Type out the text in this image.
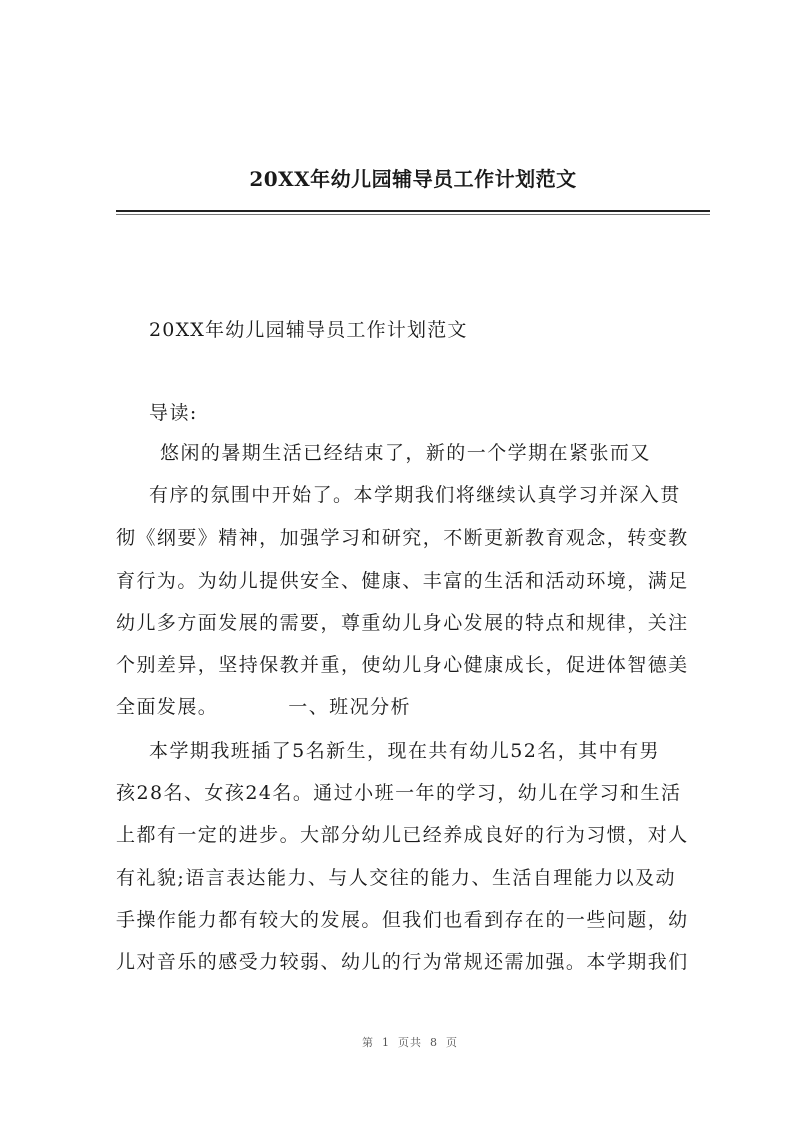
20XX年幼儿园辅导员工作计划范文
20XX年幼儿园辅导员工作计划范文
导读:
悠闲的暑期生活已经结束了，新的一个学期在紧张而又
有序的氛围中开始了。本学期我们将继续认真学习并深入贯
彻《纲要》精神，加强学习和研究，不断更新教育观念，转变教
育行为。为幼儿提供安全、健康、丰富的生活和活动环境，满足
幼儿多方面发展的需要，尊重幼儿身心发展的特点和规律，关注
个别差异，坚持保教并重，使幼儿身心健康成长，促进体智德美
全面发展。	一、班况分析
本学期我班插了5名新生，现在共有幼儿52名，其中有男
孩28名、女孩24名。通过小班一年的学习，幼儿在学习和生活
上都有一定的进步。大部分幼儿已经养成良好的行为习惯，对人
有礼貌;语言表达能力、与人交往的能力、生活自理能力以及动
手操作能力都有较大的发展。但我们也看到存在的一些问题，幼
儿对音乐的感受力较弱、幼儿的行为常规还需加强。本学期我们
第 1 页共 8 页
